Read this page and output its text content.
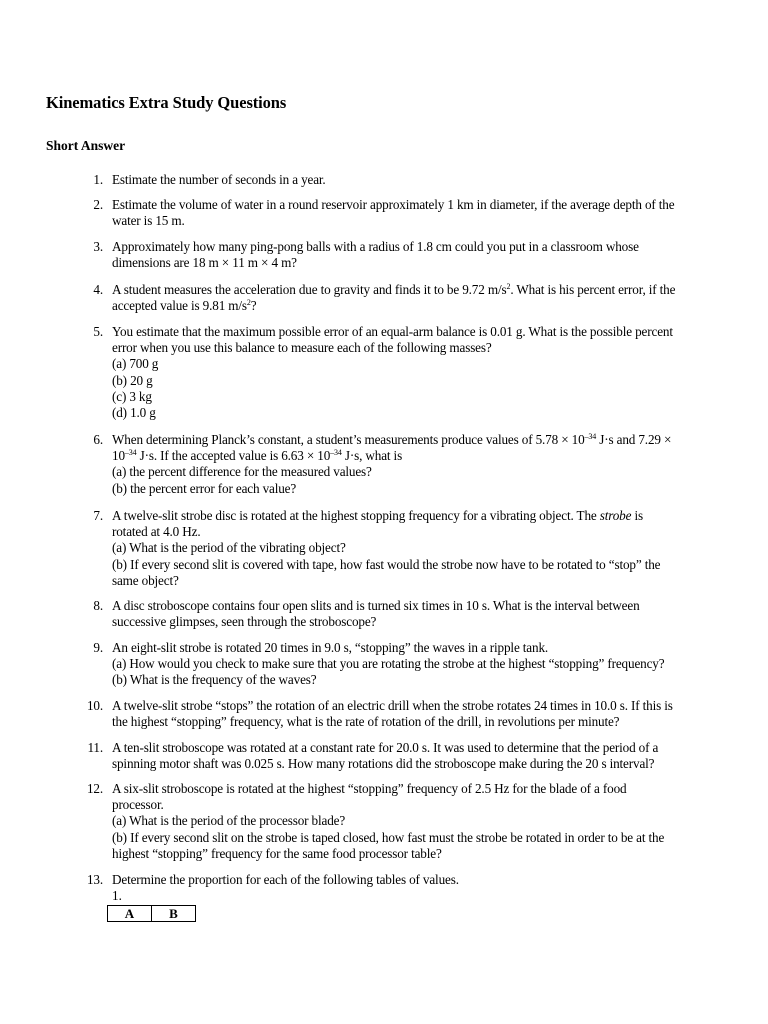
Kinematics Extra Study Questions
Short Answer
1. Estimate the number of seconds in a year.
2. Estimate the volume of water in a round reservoir approximately 1 km in diameter, if the average depth of the
water is 15 m.
3. Approximately how many ping-pong balls with a radius of 1.8 cm could you put in a classroom whose
dimensions are 18 m × 11 m × 4 m?
4. A student measures the acceleration due to gravity and finds it to be 9.72 $m/s^2$. What is his percent error, if the
accepted value is 9.81 $m/s^2$?
5. You estimate that the maximum possible error of an equal-arm balance is 0.01 g. What is the possible percent
error when you use this balance to measure each of the following masses?
(a) 700 g
(b) 20 g
(c) 3 kg
(d) 1.0 g
6. When determining Planck’s constant, a student’s measurements produce values of $5.78 \times 10^{-34}$ J·s and 7.29 ×
$10^{-34}$ J·s. If the accepted value is $6.63 \times 10^{-34}$ J·s, what is
(a) the percent difference for the measured values?
(b) the percent error for each value?
7. A twelve-slit strobe disc is rotated at the highest stopping frequency for a vibrating object. The strobe is
rotated at 4.0 Hz.
(a) What is the period of the vibrating object?
(b) If every second slit is covered with tape, how fast would the strobe now have to be rotated to “stop” the
same object?
8. A disc stroboscope contains four open slits and is turned six times in 10 s. What is the interval between
successive glimpses, seen through the stroboscope?
9. An eight-slit strobe is rotated 20 times in 9.0 s, “stopping” the waves in a ripple tank.
(a) How would you check to make sure that you are rotating the strobe at the highest “stopping” frequency?
(b) What is the frequency of the waves?
10. A twelve-slit strobe “stops” the rotation of an electric drill when the strobe rotates 24 times in 10.0 s. If this is
the highest “stopping” frequency, what is the rate of rotation of the drill, in revolutions per minute?
11. A ten-slit stroboscope was rotated at a constant rate for 20.0 s. It was used to determine that the period of a
spinning motor shaft was 0.025 s. How many rotations did the stroboscope make during the 20 s interval?
12. A six-slit stroboscope is rotated at the highest “stopping” frequency of 2.5 Hz for the blade of a food
processor.
(a) What is the period of the processor blade?
(b) If every second slit on the strobe is taped closed, how fast must the strobe be rotated in order to be at the
highest “stopping” frequency for the same food processor table?
13. Determine the proportion for each of the following tables of values.
1.
A	B
